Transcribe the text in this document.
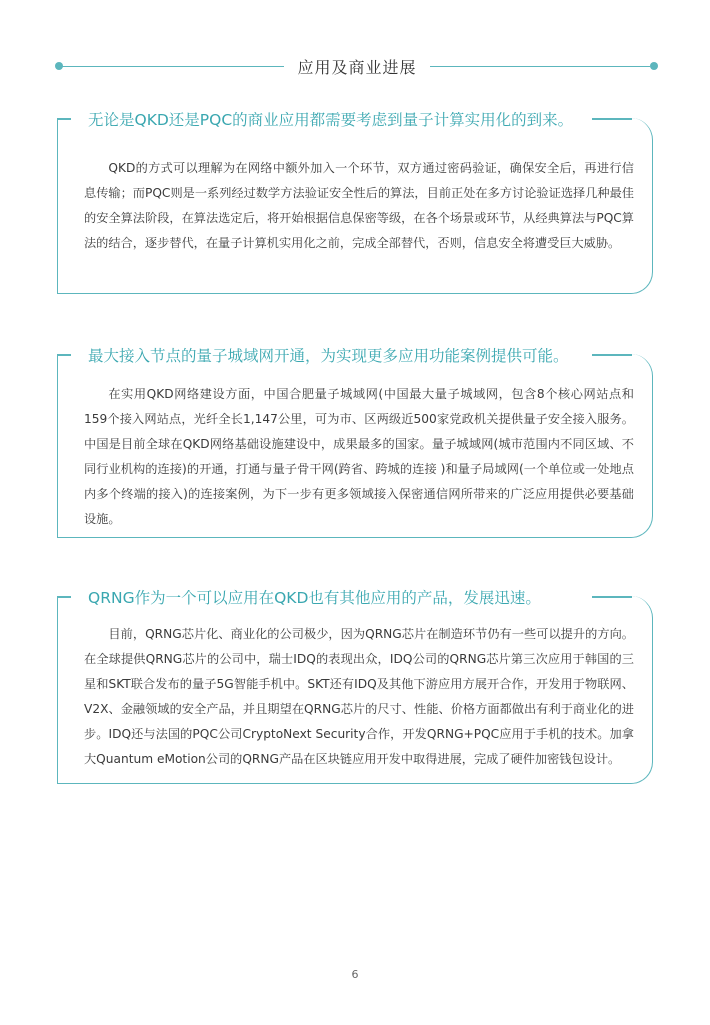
应用及商业进展
无论是QKD还是PQC的商业应用都需要考虑到量子计算实用化的到来。
QKD的方式可以理解为在网络中额外加入一个环节，双方通过密码验证，确保安全后，再进行信息传输；而PQC则是一系列经过数学方法验证安全性后的算法，目前正处在多方讨论验证选择几种最佳的安全算法阶段，在算法选定后，将开始根据信息保密等级，在各个场景或环节，从经典算法与PQC算法的结合，逐步替代，在量子计算机实用化之前，完成全部替代，否则，信息安全将遭受巨大威胁。
最大接入节点的量子城域网开通，为实现更多应用功能案例提供可能。
在实用QKD网络建设方面，中国合肥量子城域网(中国最大量子城域网，包含8个核心网站点和159个接入网站点，光纤全长1,147公里，可为市、区两级近500家党政机关提供量子安全接入服务。中国是目前全球在QKD网络基础设施建设中，成果最多的国家。量子城域网(城市范围内不同区域、不同行业机构的连接)的开通，打通与量子骨干网(跨省、跨城的连接 )和量子局域网(一个单位或一处地点内多个终端的接入)的连接案例，为下一步有更多领域接入保密通信网所带来的广泛应用提供必要基础设施。
QRNG作为一个可以应用在QKD也有其他应用的产品，发展迅速。
目前，QRNG芯片化、商业化的公司极少，因为QRNG芯片在制造环节仍有一些可以提升的方向。在全球提供QRNG芯片的公司中，瑞士IDQ的表现出众，IDQ公司的QRNG芯片第三次应用于韩国的三星和SKT联合发布的量子5G智能手机中。SKT还有IDQ及其他下游应用方展开合作，开发用于物联网、V2X、金融领域的安全产品，并且期望在QRNG芯片的尺寸、性能、价格方面都做出有利于商业化的进步。IDQ还与法国的PQC公司CryptoNext Security合作，开发QRNG+PQC应用于手机的技术。加拿大Quantum eMotion公司的QRNG产品在区块链应用开发中取得进展，完成了硬件加密钱包设计。
6
